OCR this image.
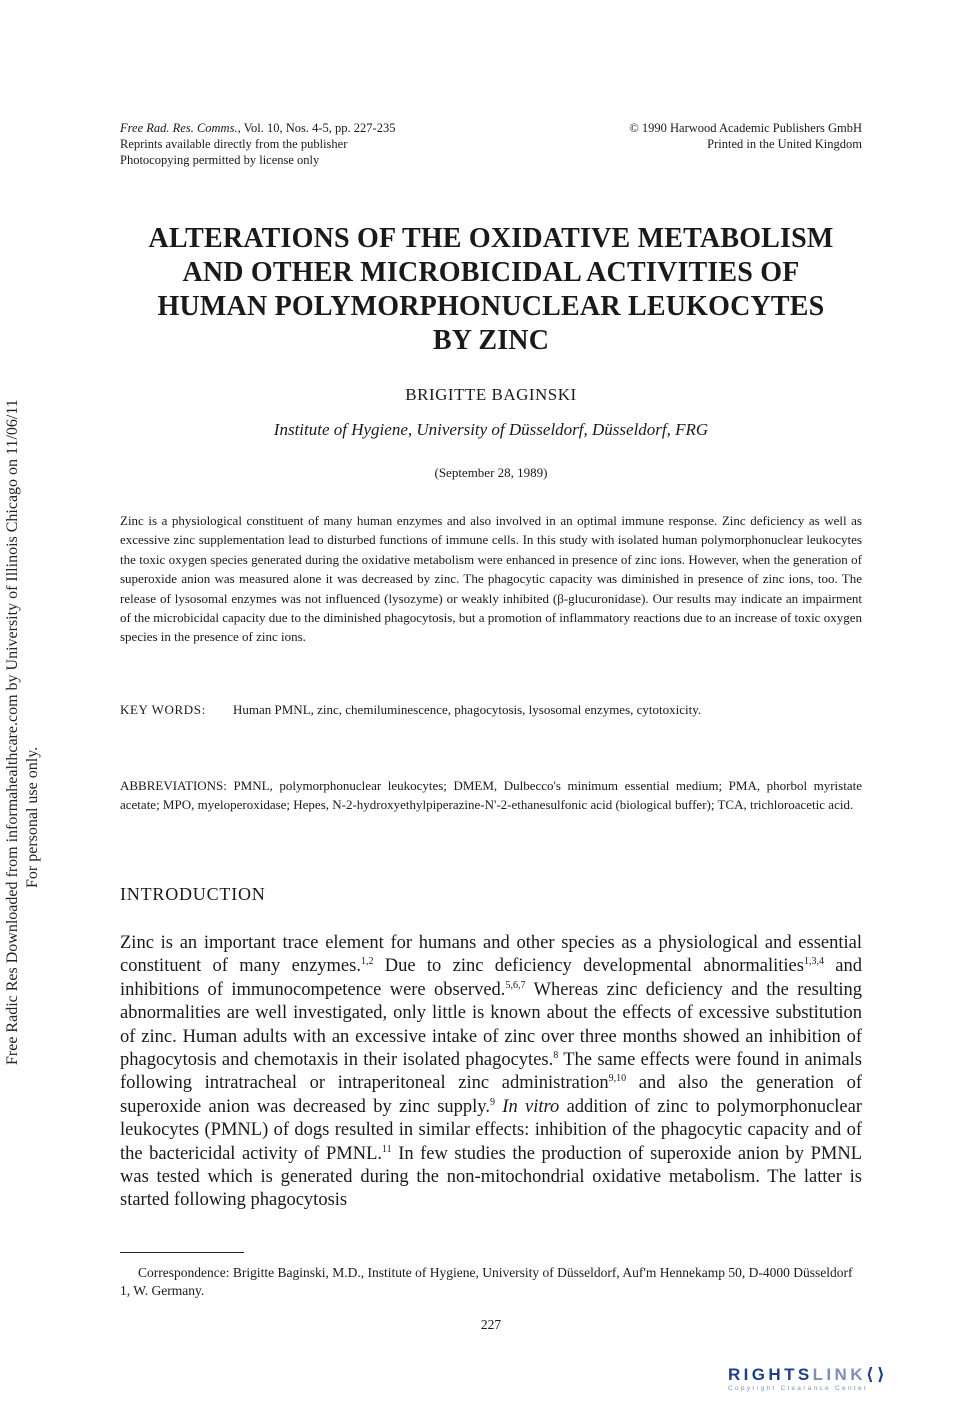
Free Radic Res Downloaded from informahealthcare.com by University of Illinois Chicago on 11/06/11 For personal use only.
Free Rad. Res. Comms., Vol. 10, Nos. 4-5, pp. 227-235
Reprints available directly from the publisher
Photocopying permitted by license only
© 1990 Harwood Academic Publishers GmbH
Printed in the United Kingdom
ALTERATIONS OF THE OXIDATIVE METABOLISM
AND OTHER MICROBICIDAL ACTIVITIES OF
HUMAN POLYMORPHONUCLEAR LEUKOCYTES
BY ZINC
BRIGITTE BAGINSKI
Institute of Hygiene, University of Düsseldorf, Düsseldorf, FRG
(September 28, 1989)
Zinc is a physiological constituent of many human enzymes and also involved in an optimal immune response. Zinc deficiency as well as excessive zinc supplementation lead to disturbed functions of immune cells. In this study with isolated human polymorphonuclear leukocytes the toxic oxygen species generated during the oxidative metabolism were enhanced in presence of zinc ions. However, when the generation of superoxide anion was measured alone it was decreased by zinc. The phagocytic capacity was diminished in presence of zinc ions, too. The release of lysosomal enzymes was not influenced (lysozyme) or weakly inhibited (β-glucuronidase). Our results may indicate an impairment of the microbicidal capacity due to the diminished phagocytosis, but a promotion of inflammatory reactions due to an increase of toxic oxygen species in the presence of zinc ions.
KEY WORDS:	Human PMNL, zinc, chemiluminescence, phagocytosis, lysosomal enzymes, cytotoxicity.
ABBREVIATIONS: PMNL, polymorphonuclear leukocytes; DMEM, Dulbecco's minimum essential medium; PMA, phorbol myristate acetate; MPO, myeloperoxidase; Hepes, N-2-hydroxyethylpiperazine-N'-2-ethanesulfonic acid (biological buffer); TCA, trichloroacetic acid.
INTRODUCTION
Zinc is an important trace element for humans and other species as a physiological and essential constituent of many enzymes.$^{1,2}$ Due to zinc deficiency developmental abnormalities$^{1,3,4}$ and inhibitions of immunocompetence were observed.$^{5,6,7}$ Whereas zinc deficiency and the resulting abnormalities are well investigated, only little is known about the effects of excessive substitution of zinc. Human adults with an excessive intake of zinc over three months showed an inhibition of phagocytosis and chemotaxis in their isolated phagocytes.$^8$ The same effects were found in animals following intratracheal or intraperitoneal zinc administration$^{9,10}$ and also the generation of superoxide anion was decreased by zinc supply.$^9$ In vitro addition of zinc to polymorphonuclear leukocytes (PMNL) of dogs resulted in similar effects: inhibition of the phagocytic capacity and of the bactericidal activity of PMNL.$^{11}$ In few studies the production of superoxide anion by PMNL was tested which is generated during the non-mitochondrial oxidative metabolism. The latter is started following phagocytosis
Correspondence: Brigitte Baginski, M.D., Institute of Hygiene, University of Düsseldorf, Auf'm Hennekamp 50, D-4000 Düsseldorf 1, W. Germany.
227
RIGHTSLINK⟨⟩
Copyright Clearance Center
